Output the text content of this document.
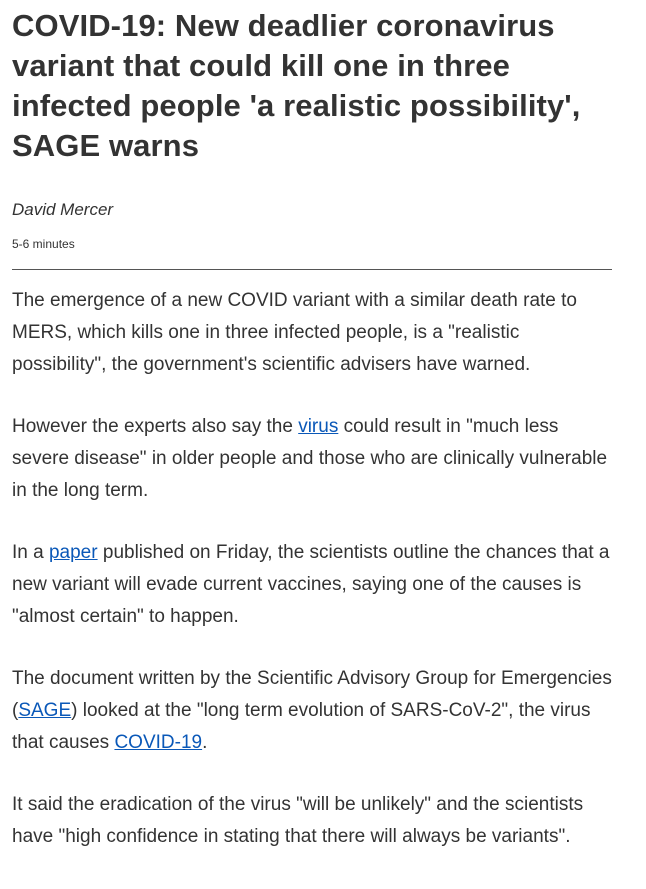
COVID-19: New deadlier coronavirus variant that could kill one in three infected people 'a realistic possibility', SAGE warns
David Mercer
5-6 minutes

The emergence of a new COVID variant with a similar death rate to MERS, which kills one in three infected people, is a "realistic possibility", the government's scientific advisers have warned.

However the experts also say the virus could result in "much less severe disease" in older people and those who are clinically vulnerable in the long term.

In a paper published on Friday, the scientists outline the chances that a new variant will evade current vaccines, saying one of the causes is "almost certain" to happen.

The document written by the Scientific Advisory Group for Emergencies (SAGE) looked at the "long term evolution of SARS-CoV-2", the virus that causes COVID-19.

It said the eradication of the virus "will be unlikely" and the scientists have "high confidence in stating that there will always be variants".
